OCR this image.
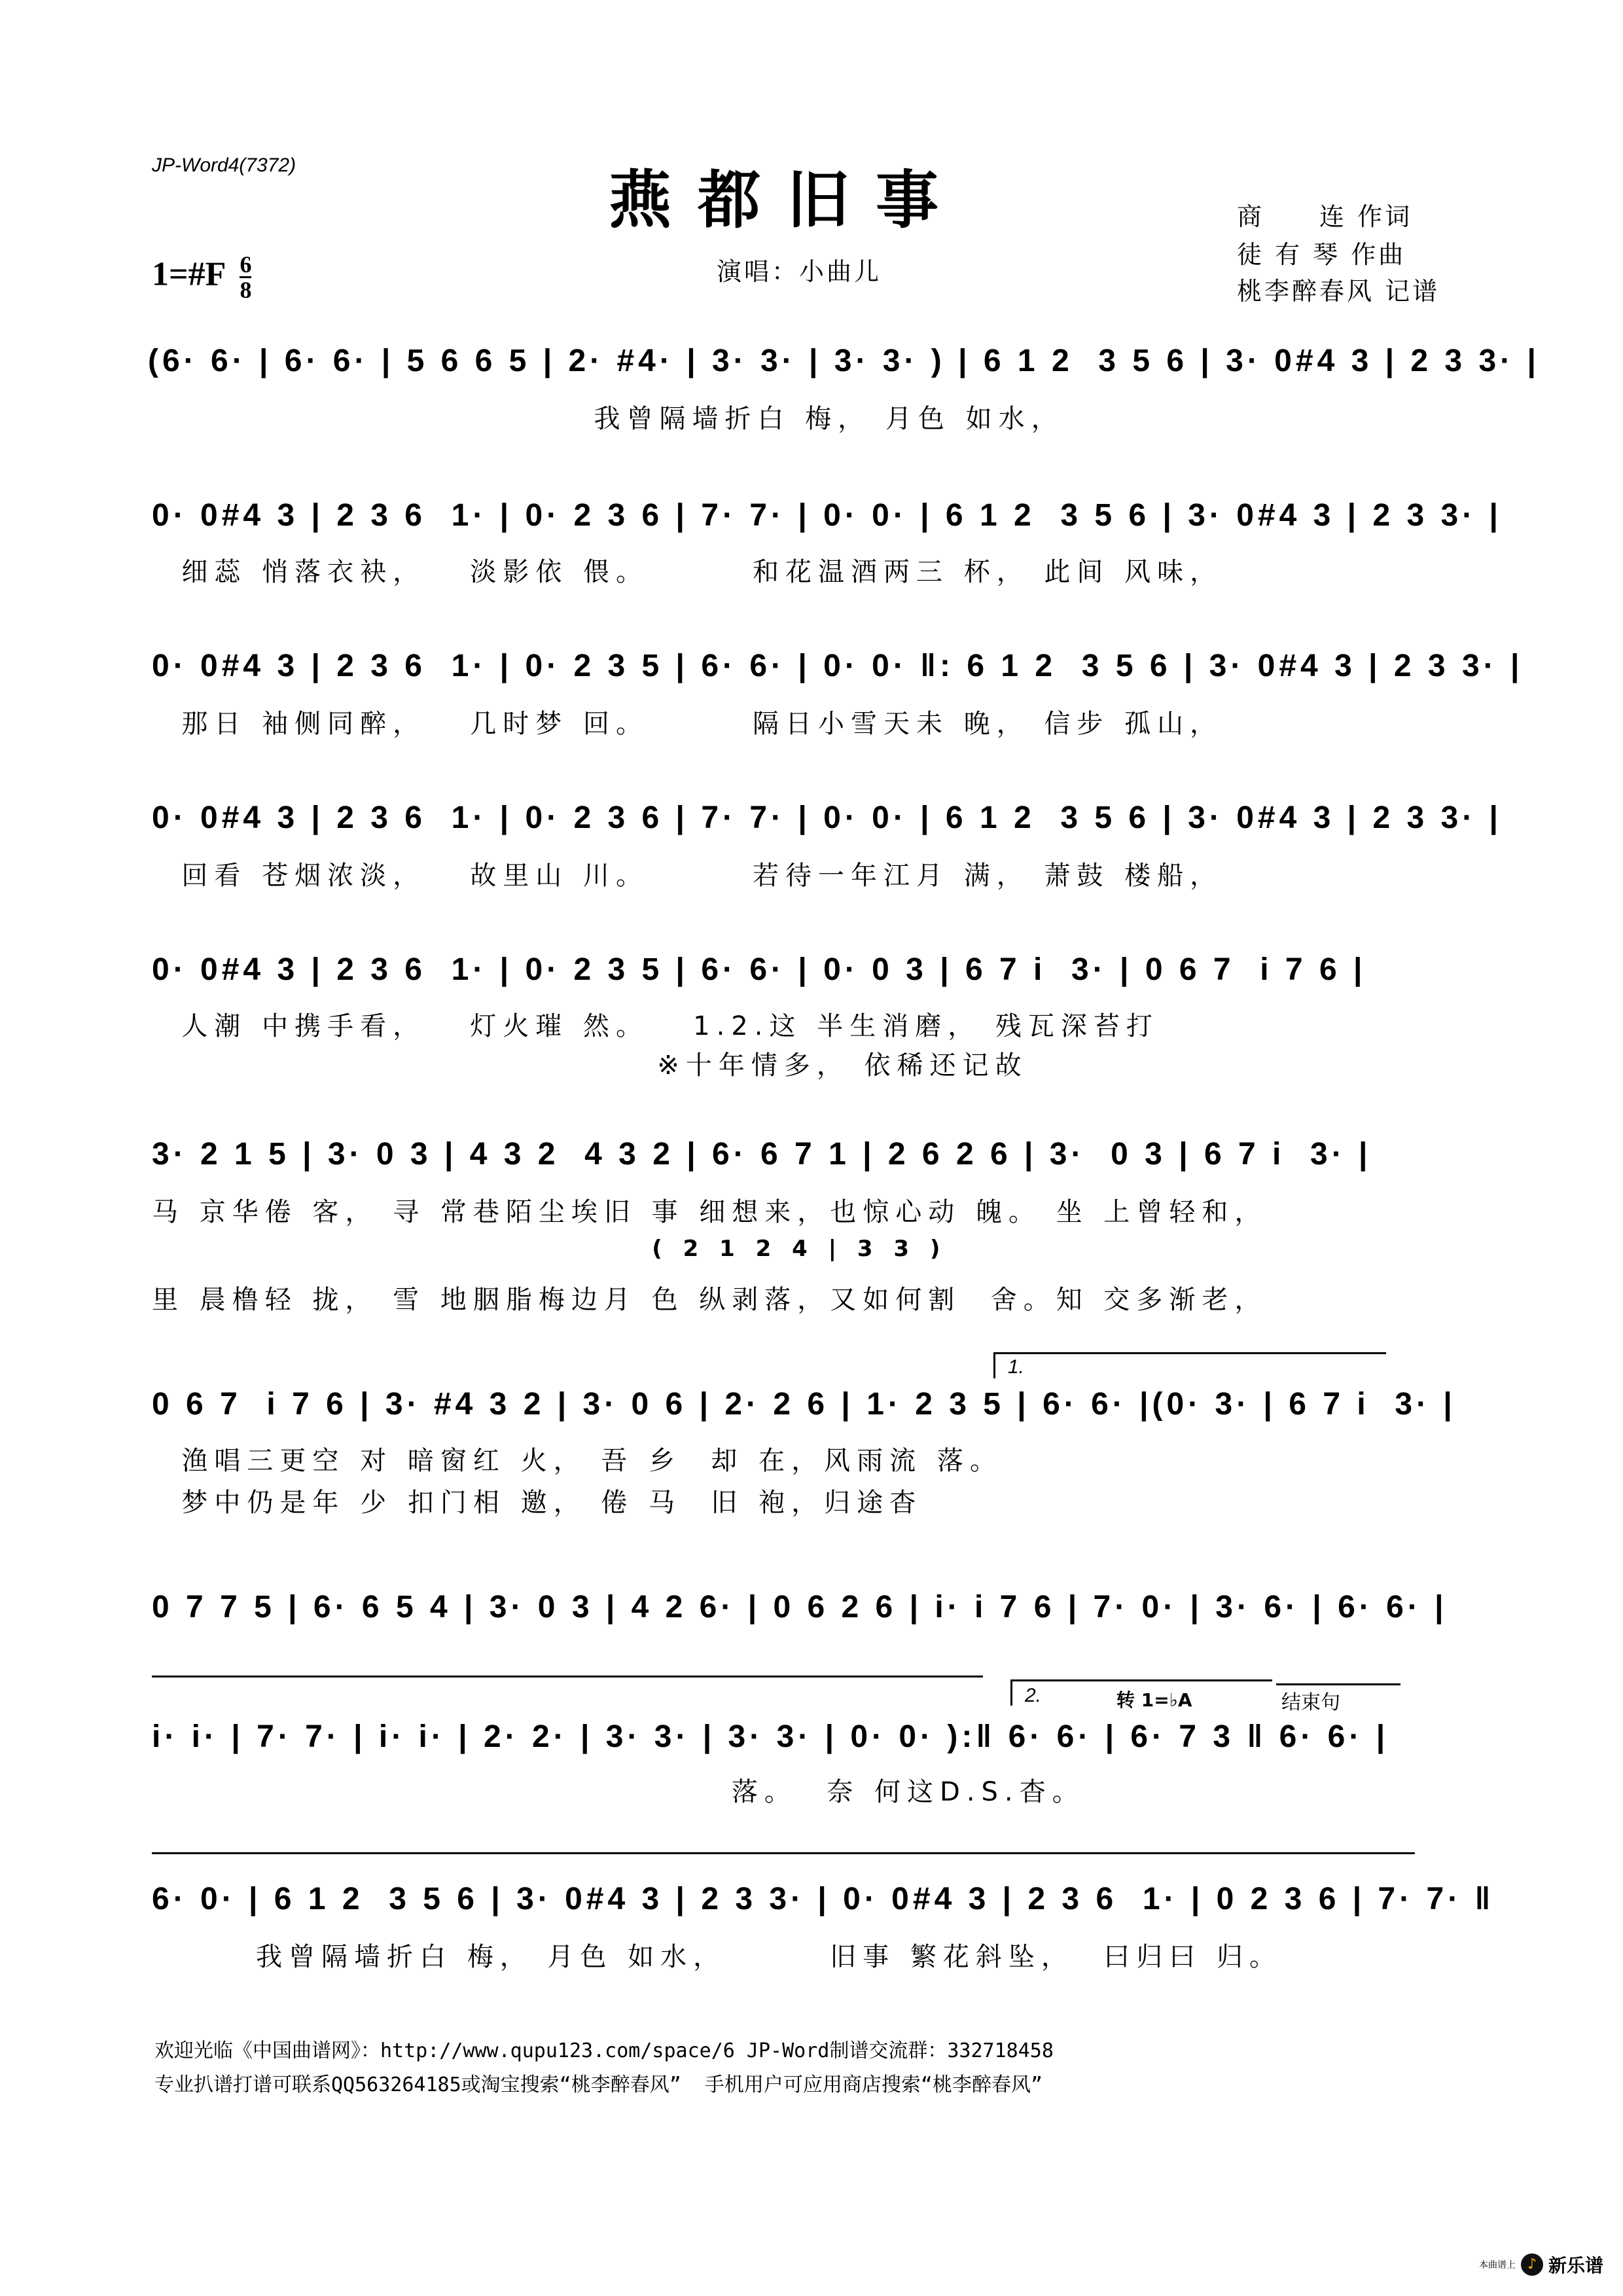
JP-Word4(7372)	燕都旧事	商　　连 作词
徒 有 琴 作曲
桃李醉春风 记谱
演唱：小曲儿
1=#F $\frac{6}{8}$
(6· 6· | 6· 6· | 5 6 6 5 | 2· #4· | 3· 3· | 3· 3· ) | 6 1 2  3 5 6 | 3· 0#4 3 | 2 3 3· |
我曾隔墙折白 梅， 月色 如水，
0· 0#4 3 | 2 3 6  1· | 0· 2 3 6 | 7· 7· | 0· 0· | 6 1 2  3 5 6 | 3· 0#4 3 | 2 3 3· |
细蕊 悄落衣袂，   淡影依 偎。       和花温酒两三 杯， 此间 风味，
0· 0#4 3 | 2 3 6  1· | 0· 2 3 5 | 6· 6· | 0· 0· ‖: 6 1 2  3 5 6 | 3· 0#4 3 | 2 3 3· |
那日 袖侧同醉，   几时梦 回。       隔日小雪天未 晚， 信步 孤山，
0· 0#4 3 | 2 3 6  1· | 0· 2 3 6 | 7· 7· | 0· 0· | 6 1 2  3 5 6 | 3· 0#4 3 | 2 3 3· |
回看 苍烟浓淡，   故里山 川。       若待一年江月 满， 萧鼓 楼船，
0· 0#4 3 | 2 3 6  1· | 0· 2 3 5 | 6· 6· | 0· 0 3 | 6 7 i  3· | 0 6 7  i 7 6 |
人潮 中携手看，   灯火璀 然。   1.2.这 半生消磨， 残瓦深苔打
※十年情多， 依稀还记故
3· 2 1 5 | 3· 0 3 | 4 3 2  4 3 2 | 6· 6 7 1 | 2 6 2 6 | 3·  0 3 | 6 7 i  3· |
马 京华倦 客， 寻 常巷陌尘埃旧 事 细想来，也惊心动 魄。 坐 上曾轻和，
( 2 1 2 4 | 3 3 )
里 晨橹轻 拢， 雪 地胭脂梅边月 色 纵剥落，又如何割  舍。知 交多渐老，
1.
0 6 7  i 7 6 | 3· #4 3 2 | 3· 0 6 | 2· 2 6 | 1· 2 3 5 | 6· 6· |(0· 3· | 6 7 i  3· |
渔唱三更空 对 暗窗红 火， 吾 乡  却 在，风雨流 落。
梦中仍是年 少 扣门相 邀， 倦 马  旧 袍，归途杳
0 7 7 5 | 6· 6 5 4 | 3· 0 3 | 4 2 6· | 0 6 2 6 | i· i 7 6 | 7· 0· | 3· 6· | 6· 6· |
2.	转 1=♭A	结束句
i· i· | 7· 7· | i· i· | 2· 2· | 3· 3· | 3· 3· | 0· 0· ):‖ 6· 6· | 6· 7 3 ‖ 6· 6· |
落。  奈 何这D.S.杳。
6· 0· | 6 1 2  3 5 6 | 3· 0#4 3 | 2 3 3· | 0· 0#4 3 | 2 3 6  1· | 0 2 3 6 | 7· 7· ‖
我曾隔墙折白 梅， 月色 如水，       旧事 繁花斜坠，  曰归曰 归。
欢迎光临《中国曲谱网》：http://www.qupu123.com/space/6 JP-Word制谱交流群：332718458
专业扒谱打谱可联系QQ563264185或淘宝搜索“桃李醉春风”  手机用户可应用商店搜索“桃李醉春风”
本曲谱上 ♪ 新乐谱
